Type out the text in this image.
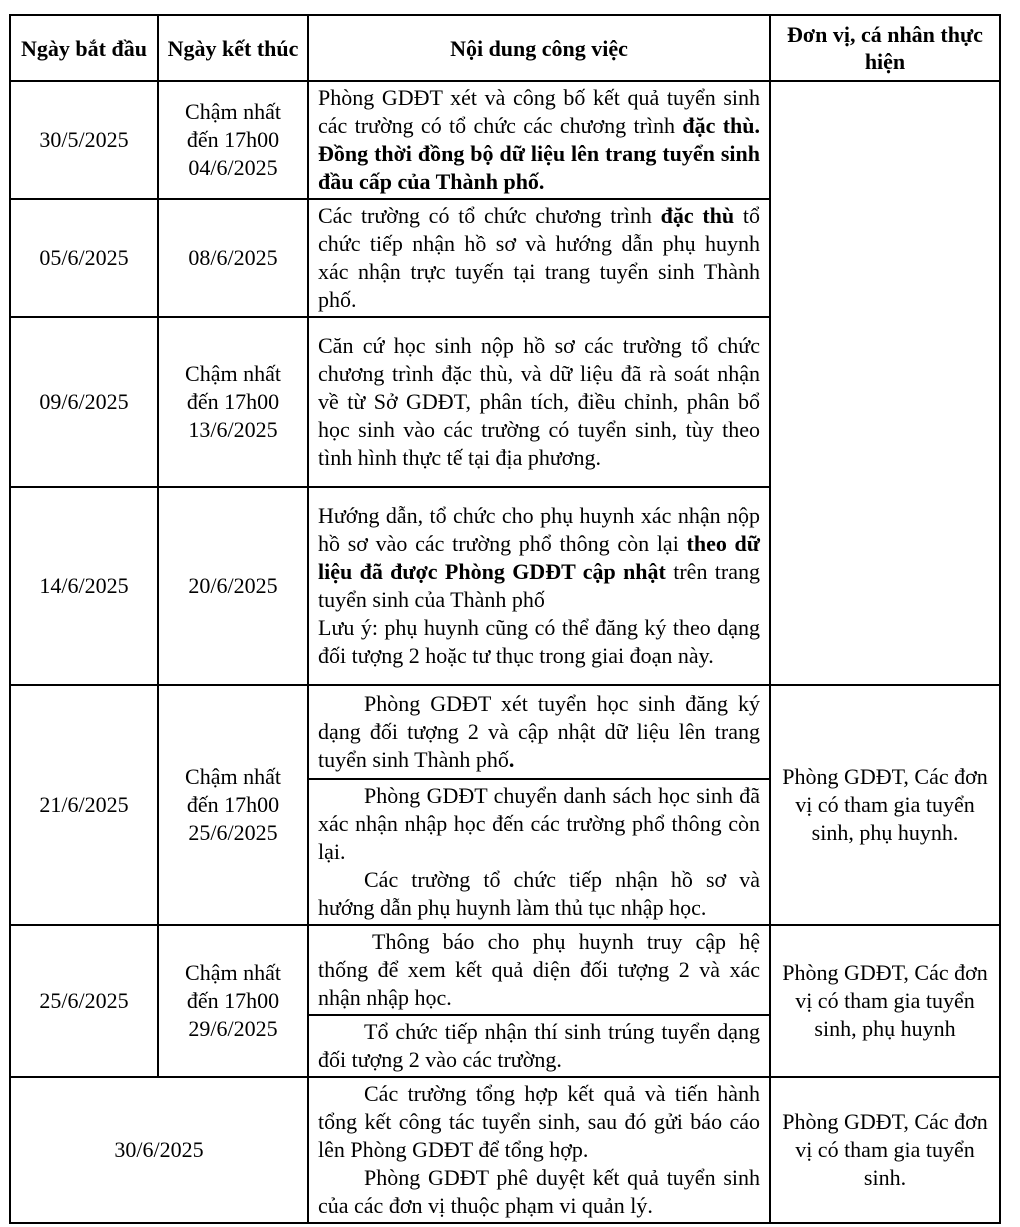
Ngày bắt đầu	Ngày kết thúc	Nội dung công việc	Đơn vị, cá nhân thực hiện
30/5/2025	Chậm nhất đến 17h00 04/6/2025	Phòng GDĐT xét và công bố kết quả tuyển sinh các trường có tổ chức các chương trình đặc thù. Đồng thời đồng bộ dữ liệu lên trang tuyển sinh đầu cấp của Thành phố.	
05/6/2025	08/6/2025	Các trường có tổ chức chương trình đặc thù tổ chức tiếp nhận hồ sơ và hướng dẫn phụ huynh xác nhận trực tuyến tại trang tuyển sinh Thành phố.	
09/6/2025	Chậm nhất đến 17h00 13/6/2025	Căn cứ học sinh nộp hồ sơ các trường tổ chức chương trình đặc thù, và dữ liệu đã rà soát nhận về từ Sở GDĐT, phân tích, điều chỉnh, phân bổ học sinh vào các trường có tuyển sinh, tùy theo tình hình thực tế tại địa phương.	
14/6/2025	20/6/2025	Hướng dẫn, tổ chức cho phụ huynh xác nhận nộp hồ sơ vào các trường phổ thông còn lại theo dữ liệu đã được Phòng GDĐT cập nhật trên trang tuyển sinh của Thành phố

Lưu ý: phụ huynh cũng có thể đăng ký theo dạng đối tượng 2 hoặc tư thục trong giai đoạn này.	

21/6/2025	Chậm nhất đến 17h00 25/6/2025	Phòng GDĐT xét tuyển học sinh đăng ký dạng đối tượng 2 và cập nhật dữ liệu lên trang tuyển sinh Thành phố.	Phòng GDĐT, Các đơn vị có tham gia tuyển sinh, phụ huynh.

		Phòng GDĐT chuyển danh sách học sinh đã xác nhận nhập học đến các trường phổ thông còn lại.

Các trường tổ chức tiếp nhận hồ sơ và hướng dẫn phụ huynh làm thủ tục nhập học.	

25/6/2025	Chậm nhất đến 17h00 29/6/2025	Thông báo cho phụ huynh truy cập hệ thống để xem kết quả diện đối tượng 2 và xác nhận nhập học.	Phòng GDĐT, Các đơn vị có tham gia tuyển sinh, phụ huynh
		Tổ chức tiếp nhận thí sinh trúng tuyển dạng đối tượng 2 vào các trường.	
30/6/2025		Các trường tổng hợp kết quả và tiến hành tổng kết công tác tuyển sinh, sau đó gửi báo cáo lên Phòng GDĐT để tổng hợp.

Phòng GDĐT phê duyệt kết quả tuyển sinh của các đơn vị thuộc phạm vi quản lý.	Phòng GDĐT, Các đơn vị có tham gia tuyển sinh.
